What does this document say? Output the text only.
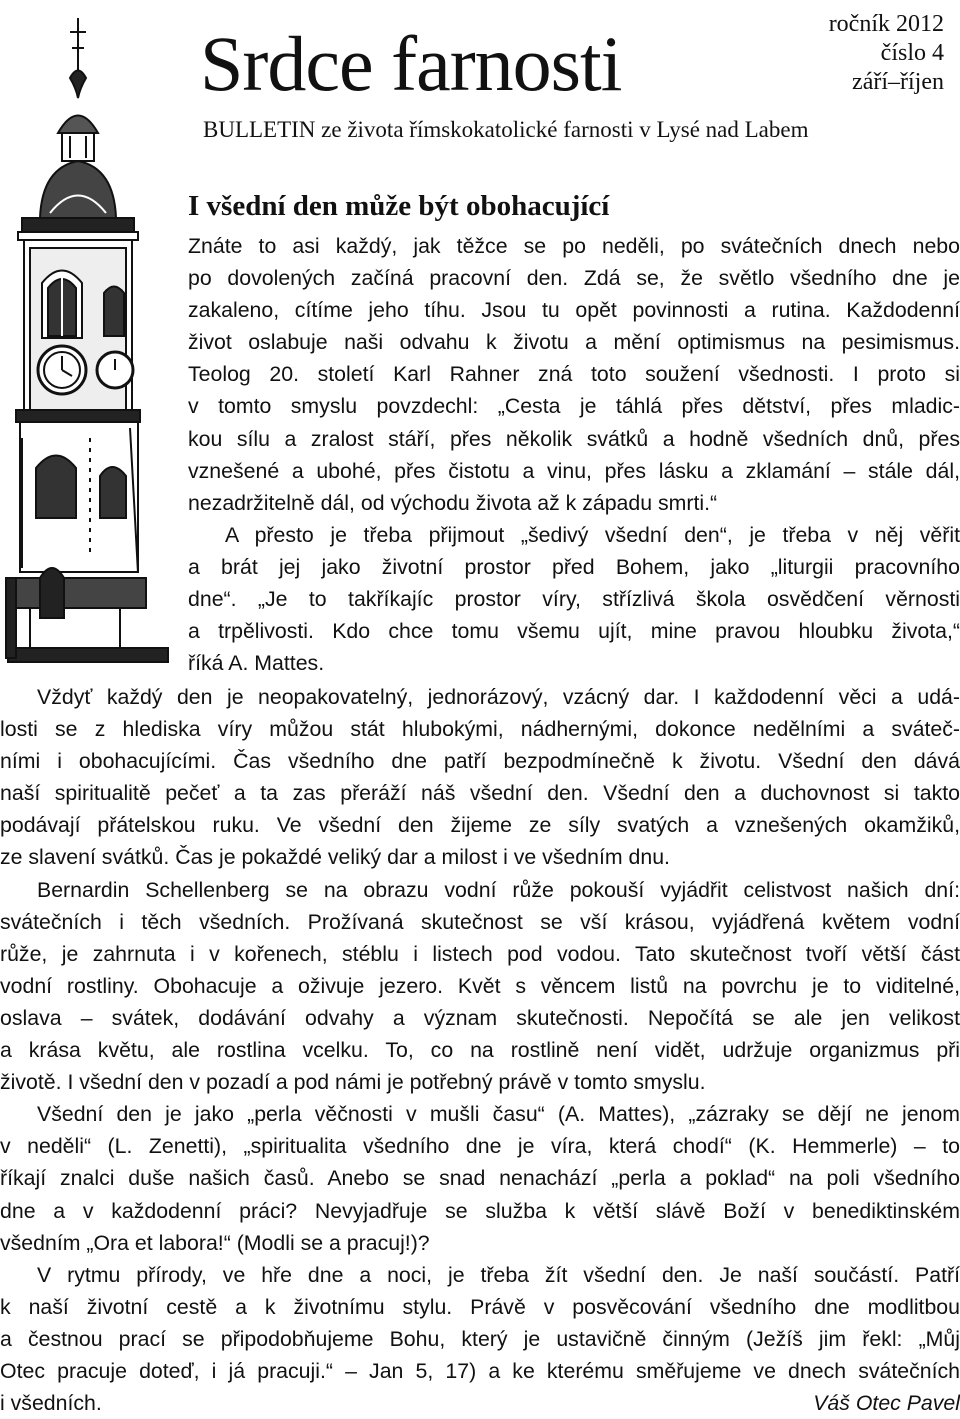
Srdce farnosti	ročník 2012
číslo 4
září–říjen
BULLETIN ze života římskokatolické farnosti v Lysé nad Labem
I všední den může být obohacující
Znáte to asi každý, jak těžce se po neděli, po svátečních dnech nebo
po dovolených začíná pracovní den. Zdá se, že světlo všedního dne je
zakaleno, cítíme jeho tíhu. Jsou tu opět povinnosti a rutina. Každodenní
život oslabuje naši odvahu k životu a mění optimismus na pesimismus.
Teolog 20. století Karl Rahner zná toto soužení všednosti. I proto si
v tomto smyslu povzdechl: „Cesta je táhlá přes dětství, přes mladic-
kou sílu a zralost stáří, přes několik svátků a hodně všedních dnů, přes
vznešené a ubohé, přes čistotu a vinu, přes lásku a zklamání – stále dál,
nezadržitelně dál, od východu života až k západu smrti.“
A přesto je třeba přijmout „šedivý všední den“, je třeba v něj věřit
a brát jej jako životní prostor před Bohem, jako „liturgii pracovního
dne“. „Je to takříkajíc prostor víry, střízlivá škola osvědčení věrnosti
a trpělivosti. Kdo chce tomu všemu ujít, mine pravou hloubku života,“
říká A. Mattes.
Vždyť každý den je neopakovatelný, jednorázový, vzácný dar. I každodenní věci a udá-
losti se z hlediska víry můžou stát hlubokými, nádhernými, dokonce nedělními a sváteč-
ními i obohacujícími. Čas všedního dne patří bezpodmínečně k životu. Všední den dává
naší spiritualitě pečeť a ta zas přeráží náš všední den. Všední den a duchovnost si takto
podávají přátelskou ruku. Ve všední den žijeme ze síly svatých a vznešených okamžiků,
ze slavení svátků. Čas je pokaždé veliký dar a milost i ve všedním dnu.
Bernardin Schellenberg se na obrazu vodní růže pokouší vyjádřit celistvost našich dní:
svátečních i těch všedních. Prožívaná skutečnost se vší krásou, vyjádřená květem vodní
růže, je zahrnuta i v kořenech, stéblu i listech pod vodou. Tato skutečnost tvoří větší část
vodní rostliny. Obohacuje a oživuje jezero. Květ s věncem listů na povrchu je to viditelné,
oslava – svátek, dodávání odvahy a význam skutečnosti. Nepočítá se ale jen velikost
a krása květu, ale rostlina vcelku. To, co na rostlině není vidět, udržuje organizmus při
životě. I všední den v pozadí a pod námi je potřebný právě v tomto smyslu.
Všední den je jako „perla věčnosti v mušli času“ (A. Mattes), „zázraky se dějí ne jenom
v neděli“ (L. Zenetti), „spiritualita všedního dne je víra, která chodí“ (K. Hemmerle) – to
říkají znalci duše našich časů. Anebo se snad nenachází „perla a poklad“ na poli všedního
dne a v každodenní práci? Nevyjadřuje se služba k větší slávě Boží v benediktinském
všedním „Ora et labora!“ (Modli se a pracuj!)?
V rytmu přírody, ve hře dne a noci, je třeba žít všední den. Je naší součástí. Patří
k naší životní cestě a k životnímu stylu. Právě v posvěcování všedního dne modlitbou
a čestnou prací se připodobňujeme Bohu, který je ustavičně činným (Ježíš jim řekl: „Můj
Otec pracuje doteď, i já pracuji.“ – Jan 5, 17) a ke kterému směřujeme ve dnech svátečních
i všedních.	Váš Otec Pavel
